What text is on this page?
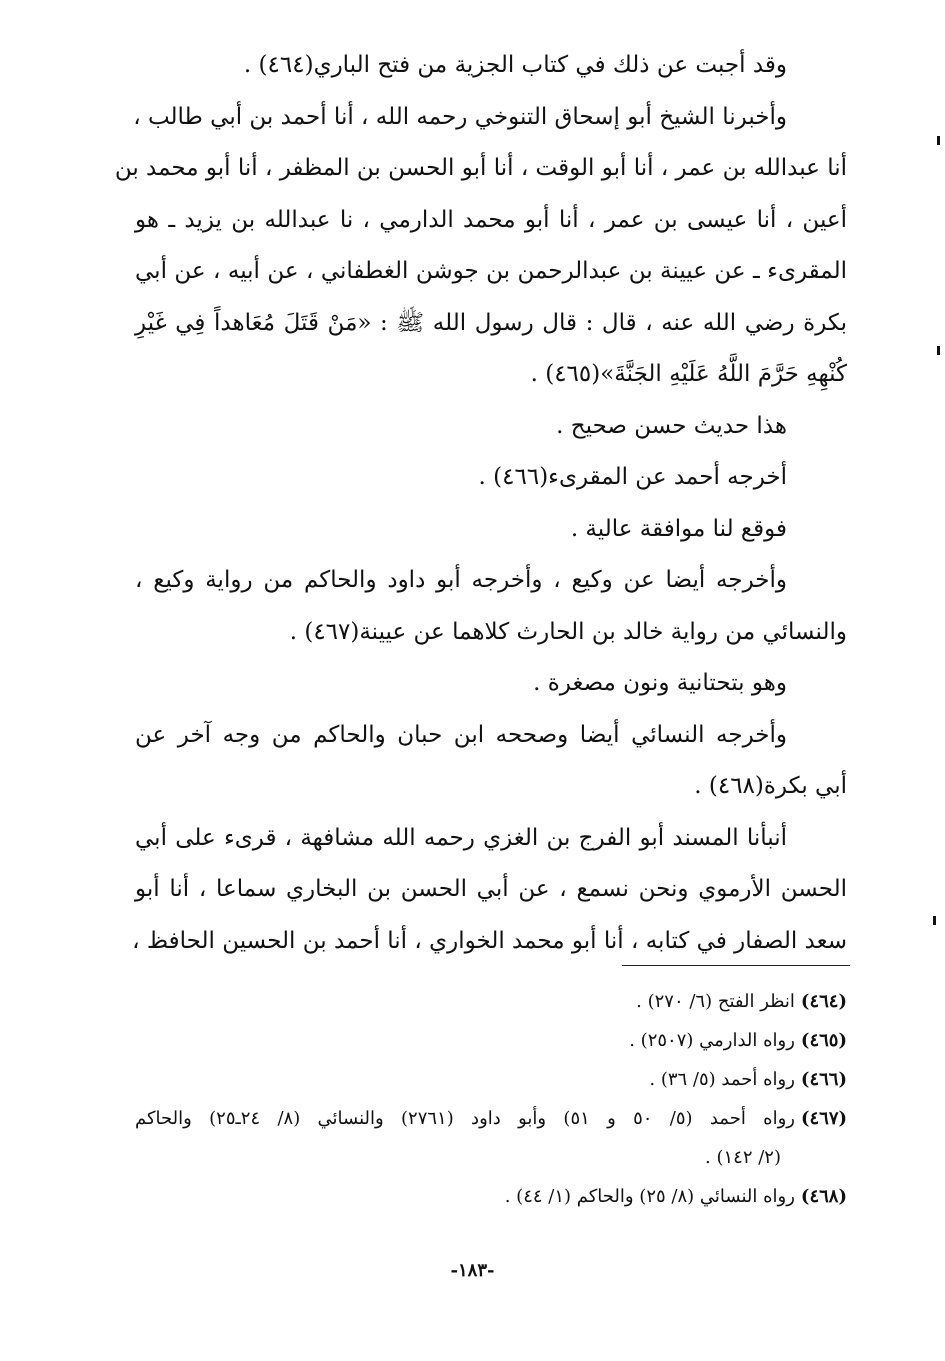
وقد أجبت عن ذلك في كتاب الجزية من فتح الباري(٤٦٤) .
وأخبرنا الشيخ أبو إسحاق التنوخي رحمه الله ، أنا أحمد بن أبي طالب ،
أنا عبدالله بن عمر ، أنا أبو الوقت ، أنا أبو الحسن بن المظفر ، أنا أبو محمد بن
أعين ، أنا عيسى بن عمر ، أنا أبو محمد الدارمي ، نا عبدالله بن يزيد ـ هو
المقرىء ـ عن عيينة بن عبدالرحمن بن جوشن الغطفاني ، عن أبيه ، عن أبي
بكرة رضي الله عنه ، قال : قال رسول الله ﷺ : «مَنْ قَتَلَ مُعَاهداً فِي غَيْرِ
كُنْهِهِ حَرَّمَ اللَّهُ عَلَيْهِ الجَنَّةَ»(٤٦٥) .
هذا حديث حسن صحيح .
أخرجه أحمد عن المقرىء(٤٦٦) .
فوقع لنا موافقة عالية .
وأخرجه أيضا عن وكيع ، وأخرجه أبو داود والحاكم من رواية وكيع ،
والنسائي من رواية خالد بن الحارث كلاهما عن عيينة(٤٦٧) .
وهو بتحتانية ونون مصغرة .
وأخرجه النسائي أيضا وصححه ابن حبان والحاكم من وجه آخر عن
أبي بكرة(٤٦٨) .
أنبأنا المسند أبو الفرج بن الغزي رحمه الله مشافهة ، قرىء على أبي
الحسن الأرموي ونحن نسمع ، عن أبي الحسن بن البخاري سماعا ، أنا أبو
سعد الصفار في كتابه ، أنا أبو محمد الخواري ، أنا أحمد بن الحسين الحافظ ،
(٤٦٤)انظر الفتح (٦/ ٢٧٠) .
(٤٦٥)رواه الدارمي (٢٥٠٧) .
(٤٦٦)رواه أحمد (٥/ ٣٦) .
(٤٦٧)رواه أحمد (٥/ ٥٠ و ٥١) وأبو داود (٢٧٦١) والنسائي (٨/ ٢٤ـ٢٥) والحاكم
(٢/ ١٤٢) .
(٤٦٨)رواه النسائي (٨/ ٢٥) والحاكم (١/ ٤٤) .
-١٨٣-
